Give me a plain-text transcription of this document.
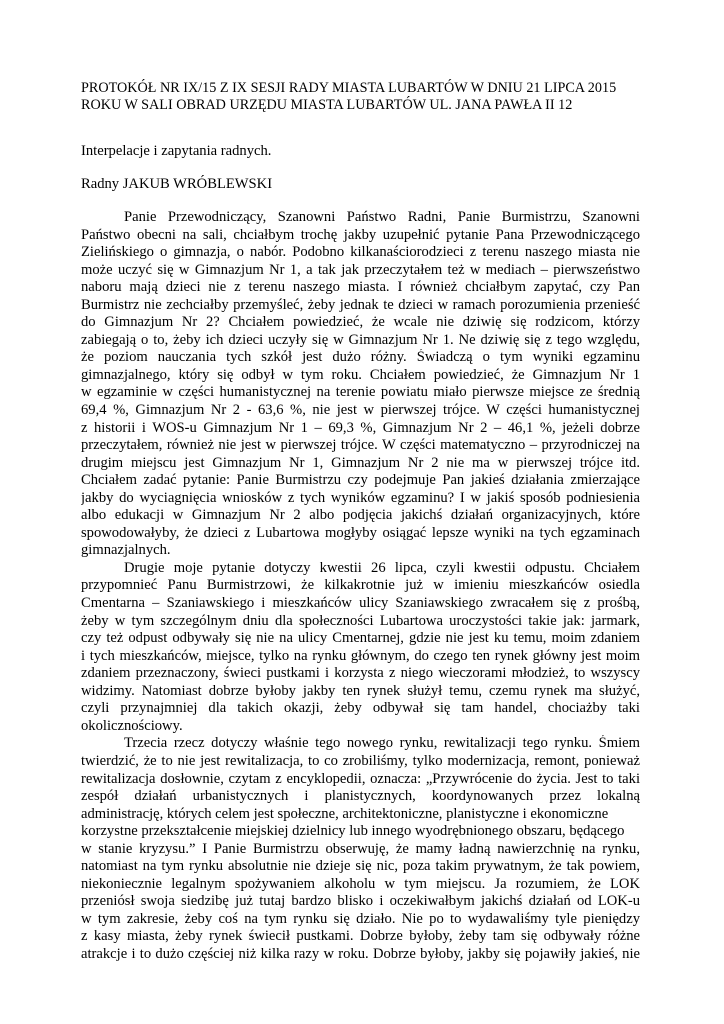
PROTOKÓŁ NR IX/15 Z IX SESJI RADY MIASTA LUBARTÓW W DNIU 21 LIPCA 2015
ROKU W SALI OBRAD URZĘDU MIASTA LUBARTÓW UL. JANA PAWŁA II 12

Interpelacje i zapytania radnych.

Radny JAKUB WRÓBLEWSKI

Panie Przewodniczący, Szanowni Państwo Radni, Panie Burmistrzu, Szanowni
Państwo obecni na sali, chciałbym trochę jakby uzupełnić pytanie Pana Przewodniczącego
Zielińskiego o gimnazja, o nabór. Podobno kilkanaściorodzieci z terenu naszego miasta nie
może uczyć się w Gimnazjum Nr 1, a tak jak przeczytałem też w mediach – pierwszeństwo
naboru mają dzieci nie z terenu naszego miasta. I również chciałbym zapytać, czy Pan
Burmistrz nie zechciałby przemyśleć, żeby jednak te dzieci w ramach porozumienia przenieść
do Gimnazjum Nr 2? Chciałem powiedzieć, że wcale nie dziwię się rodzicom, którzy
zabiegają o to, żeby ich dzieci uczyły się w Gimnazjum Nr 1. Ne dziwię się z tego względu,
że poziom nauczania tych szkół jest dużo różny. Świadczą o tym wyniki egzaminu
gimnazjalnego, który się odbył w tym roku. Chciałem powiedzieć, że Gimnazjum Nr 1
w egzaminie w części humanistycznej na terenie powiatu miało pierwsze miejsce ze średnią
69,4 %, Gimnazjum Nr 2 - 63,6 %, nie jest w pierwszej trójce. W części humanistycznej
z historii i WOS-u Gimnazjum Nr 1 – 69,3 %, Gimnazjum Nr 2 – 46,1 %, jeżeli dobrze
przeczytałem, również nie jest w pierwszej trójce. W części matematyczno – przyrodniczej na
drugim miejscu jest Gimnazjum Nr 1, Gimnazjum Nr 2 nie ma w pierwszej trójce itd.
Chciałem zadać pytanie: Panie Burmistrzu czy podejmuje Pan jakieś działania zmierzające
jakby do wyciagnięcia wniosków z tych wyników egzaminu? I w jakiś sposób podniesienia
albo edukacji w Gimnazjum Nr 2 albo podjęcia jakichś działań organizacyjnych, które
spowodowałyby, że dzieci z Lubartowa mogłyby osiągać lepsze wyniki na tych egzaminach
gimnazjalnych.
Drugie moje pytanie dotyczy kwestii 26 lipca, czyli kwestii odpustu. Chciałem
przypomnieć Panu Burmistrzowi, że kilkakrotnie już w imieniu mieszkańców osiedla
Cmentarna – Szaniawskiego i mieszkańców ulicy Szaniawskiego zwracałem się z prośbą,
żeby w tym szczególnym dniu dla społeczności Lubartowa uroczystości takie jak: jarmark,
czy też odpust odbywały się nie na ulicy Cmentarnej, gdzie nie jest ku temu, moim zdaniem
i tych mieszkańców, miejsce, tylko na rynku głównym, do czego ten rynek główny jest moim
zdaniem przeznaczony, świeci pustkami i korzysta z niego wieczorami młodzież, to wszyscy
widzimy. Natomiast dobrze byłoby jakby ten rynek służył temu, czemu rynek ma służyć,
czyli przynajmniej dla takich okazji, żeby odbywał się tam handel, chociażby taki
okolicznościowy.
Trzecia rzecz dotyczy właśnie tego nowego rynku, rewitalizacji tego rynku. Śmiem
twierdzić, że to nie jest rewitalizacja, to co zrobiliśmy, tylko modernizacja, remont, ponieważ
rewitalizacja dosłownie, czytam z encyklopedii, oznacza: „Przywrócenie do życia. Jest to taki
zespół działań urbanistycznych i planistycznych, koordynowanych przez lokalną
administrację, których celem jest społeczne, architektoniczne, planistyczne i ekonomiczne
korzystne przekształcenie miejskiej dzielnicy lub innego wyodrębnionego obszaru, będącego
w stanie kryzysu.” I Panie Burmistrzu obserwuję, że mamy ładną nawierzchnię na rynku,
natomiast na tym rynku absolutnie nie dzieje się nic, poza takim prywatnym, że tak powiem,
niekoniecznie legalnym spożywaniem alkoholu w tym miejscu. Ja rozumiem, że LOK
przeniósł swoja siedzibę już tutaj bardzo blisko i oczekiwałbym jakichś działań od LOK-u
w tym zakresie, żeby coś na tym rynku się działo. Nie po to wydawaliśmy tyle pieniędzy
z kasy miasta, żeby rynek świecił pustkami. Dobrze byłoby, żeby tam się odbywały różne
atrakcje i to dużo częściej niż kilka razy w roku. Dobrze byłoby, jakby się pojawiły jakieś, nie
